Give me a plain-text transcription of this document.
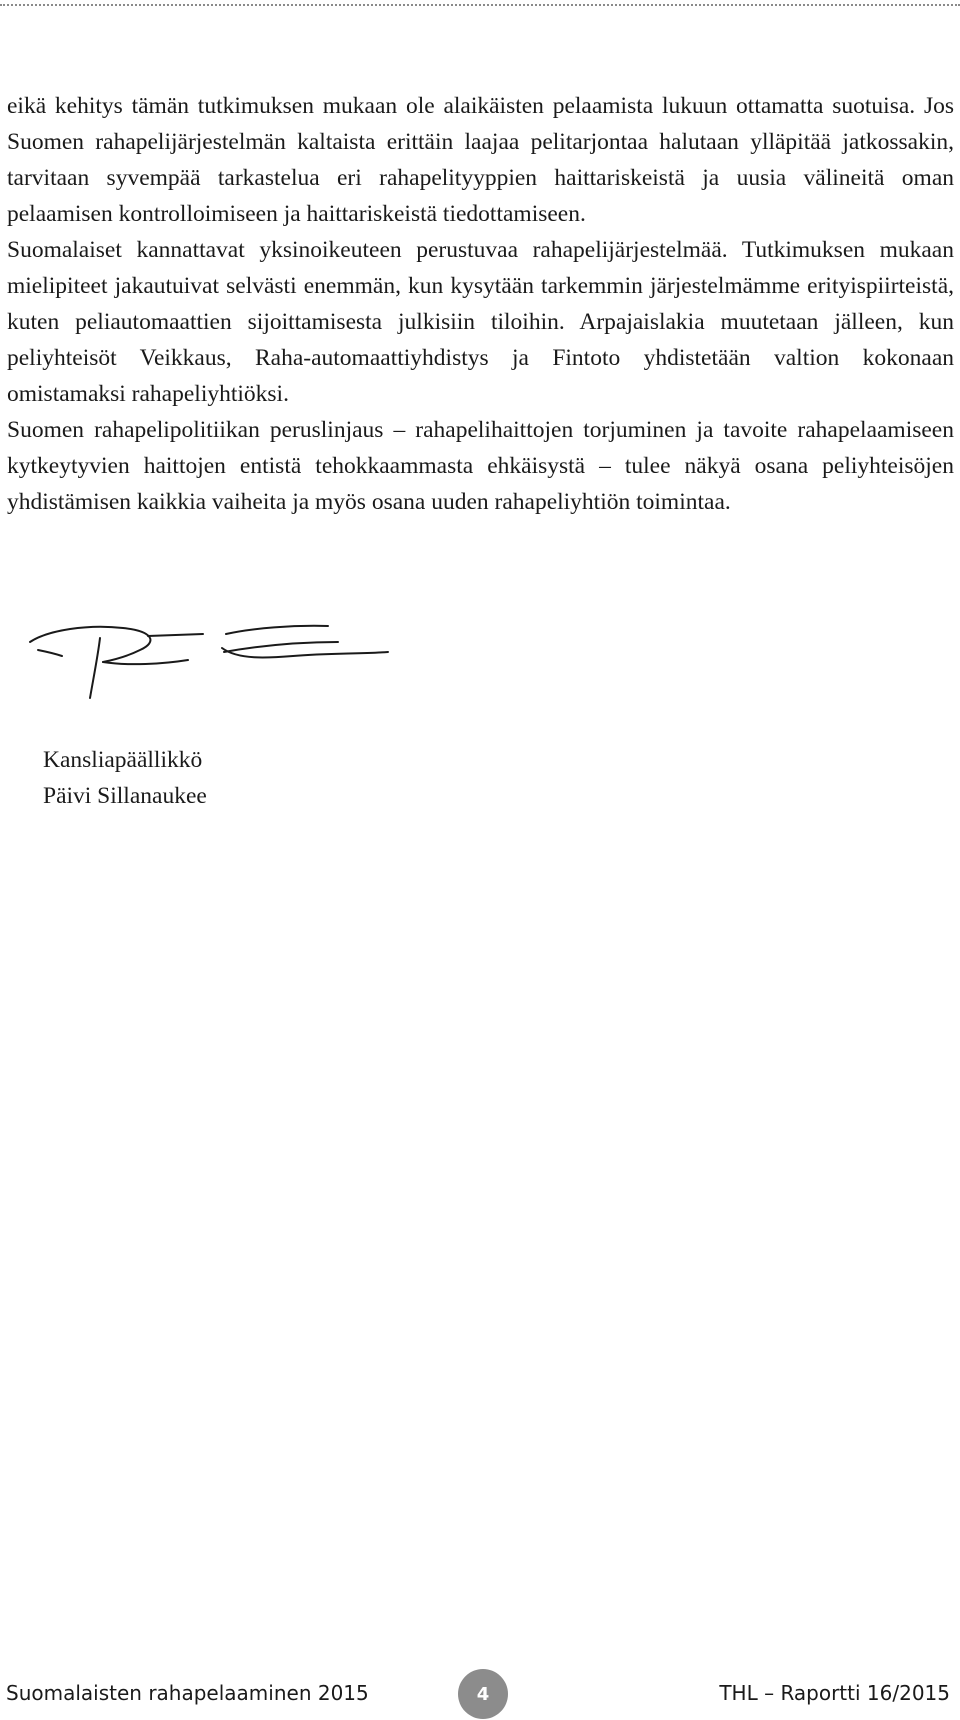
eikä kehitys tämän tutkimuksen mukaan ole alaikäisten pelaamista lukuun ottamatta suotuisa. Jos Suomen rahapelijärjestelmän kaltaista erittäin laajaa pelitarjontaa halutaan ylläpitää jatkossakin, tarvitaan syvempää tarkastelua eri rahapelityyppien haittariskeistä ja uusia välineitä oman pelaamisen kontrolloimiseen ja haittariskeistä tiedottamiseen.

Suomalaiset kannattavat yksinoikeuteen perustuvaa rahapelijärjestelmää. Tutkimuksen mukaan mielipiteet jakautuivat selvästi enemmän, kun kysytään tarkemmin järjestelmämme erityispiirteistä, kuten peliautomaattien sijoittamisesta julkisiin tiloihin. Arpajaislakia muutetaan jälleen, kun peliyhteisöt Veikkaus, Raha-automaattiyhdistys ja Fintoto yhdistetään valtion kokonaan omistamaksi rahapeliyhtiöksi.

Suomen rahapelipolitiikan peruslinjaus – rahapelihaittojen torjuminen ja tavoite rahapelaamiseen kytkeytyvien haittojen entistä tehokkaammasta ehkäisystä – tulee näkyä osana peliyhteisöjen yhdistämisen kaikkia vaiheita ja myös osana uuden rahapeliyhtiön toimintaa.

Kansliapäällikkö
Päivi Sillanaukee
Suomalaisten rahapelaaminen 2015	4	THL – Raportti 16/2015
